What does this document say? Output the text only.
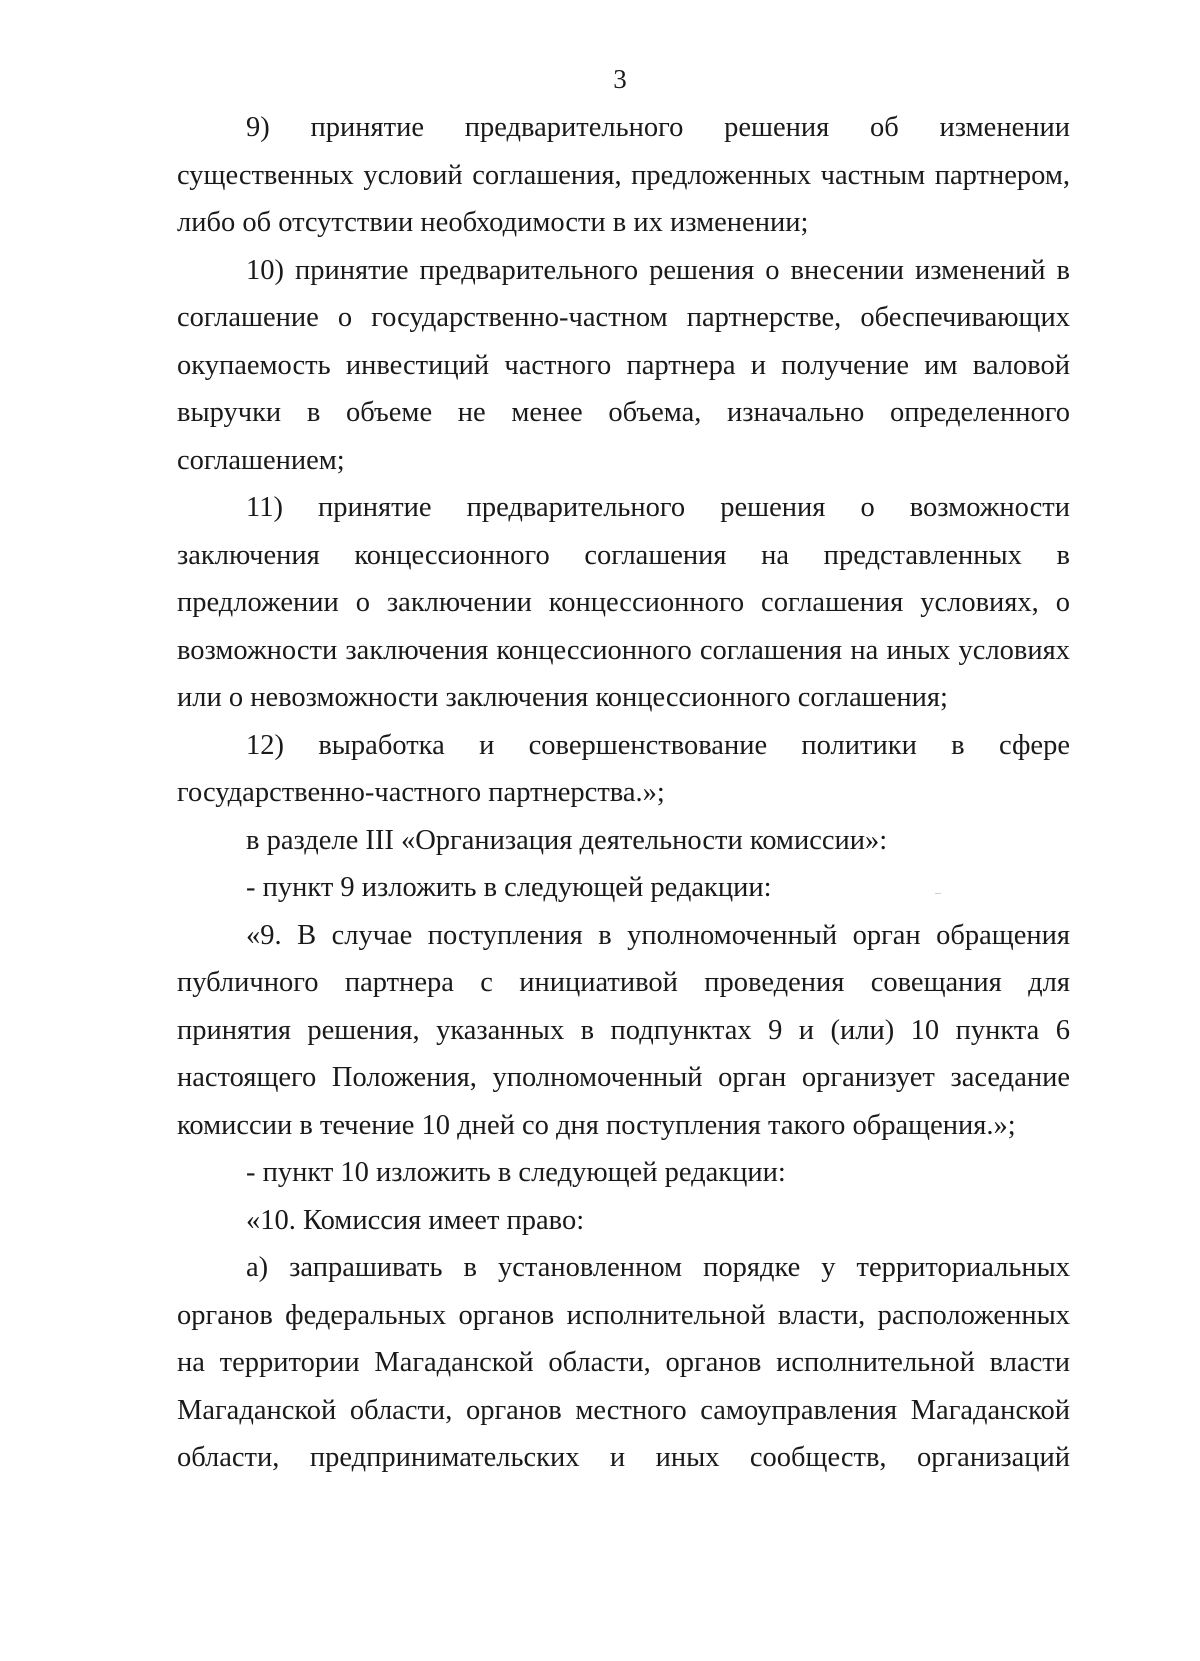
3

9) принятие предварительного решения об изменении существенных условий соглашения, предложенных частным партнером, либо об отсутствии необходимости в их изменении;

10) принятие предварительного решения о внесении изменений в соглашение о государственно-частном партнерстве, обеспечивающих окупаемость инвестиций частного партнера и получение им валовой выручки в объеме не менее объема, изначально определенного соглашением;

11) принятие предварительного решения о возможности заключения концессионного соглашения на представленных в предложении о заключении концессионного соглашения условиях, о возможности заключения концессионного соглашения на иных условиях или о невозможности заключения концессионного соглашения;

12) выработка и совершенствование политики в сфере государственно-частного партнерства.»;

в разделе III «Организация деятельности комиссии»:

- пункт 9 изложить в следующей редакции:

«9. В случае поступления в уполномоченный орган обращения публичного партнера с инициативой проведения совещания для принятия решения, указанных в подпунктах 9 и (или) 10 пункта 6 настоящего Положения, уполномоченный орган организует заседание комиссии в течение 10 дней со дня поступления такого обращения.»;

- пункт 10 изложить в следующей редакции:

«10. Комиссия имеет право:

а) запрашивать в установленном порядке у территориальных органов федеральных органов исполнительной власти, расположенных на территории Магаданской области, органов исполнительной власти Магаданской области, органов местного самоуправления Магаданской области, предпринимательских и иных сообществ, организаций
